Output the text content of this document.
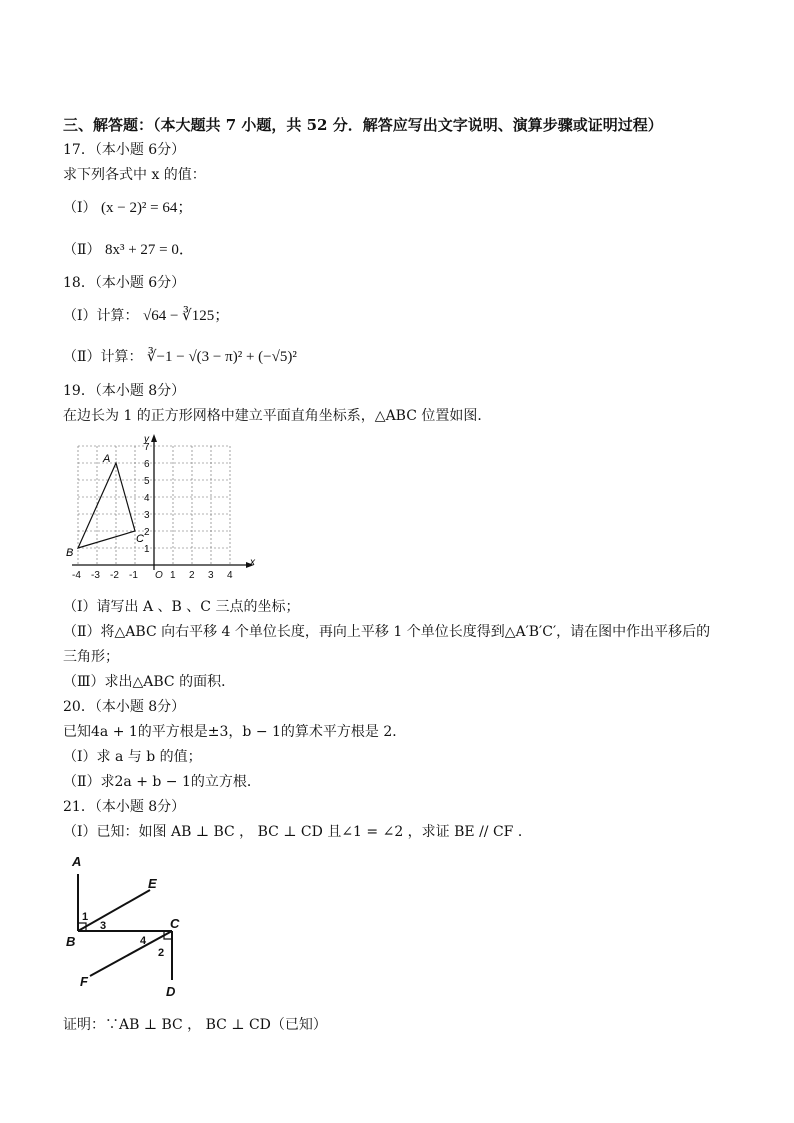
三、解答题：（本大题共 7 小题，共 52 分．解答应写出文字说明、演算步骤或证明过程）
17．（本小题 6分）
求下列各式中 x 的值：
（Ⅰ） (x − 2)² = 64；
（Ⅱ） 8x³ + 27 = 0．
18．（本小题 6分）
（Ⅰ）计算： √64 − ∛125；
（Ⅱ）计算： ∛−1 − √(3 − π)² + (−√5)²
19．（本小题 8分）
在边长为 1 的正方形网格中建立平面直角坐标系，△ABC 位置如图．
x
y
-4 -3 -2 -1 O 1 2 3 4
1
2
3
4
5
6
7
A
B
C
（Ⅰ）请写出 A 、B 、C 三点的坐标；
（Ⅱ）将△ABC 向右平移 4 个单位长度，再向上平移 1 个单位长度得到△A′B′C′，请在图中作出平移后的
三角形；
（Ⅲ）求出△ABC 的面积．
20．（本小题 8分）
已知4a + 1的平方根是±3，b − 1的算术平方根是 2．
（Ⅰ）求 a 与 b 的值；
（Ⅱ）求2a + b − 1的立方根．
21．（本小题 8分）
（Ⅰ）已知：如图 AB ⊥ BC ， BC ⊥ CD 且∠1 = ∠2 ，求证 BE // CF ．
A
B
C
D
E
F
1
3
4
2
证明：∵AB ⊥ BC ， BC ⊥ CD（已知）
